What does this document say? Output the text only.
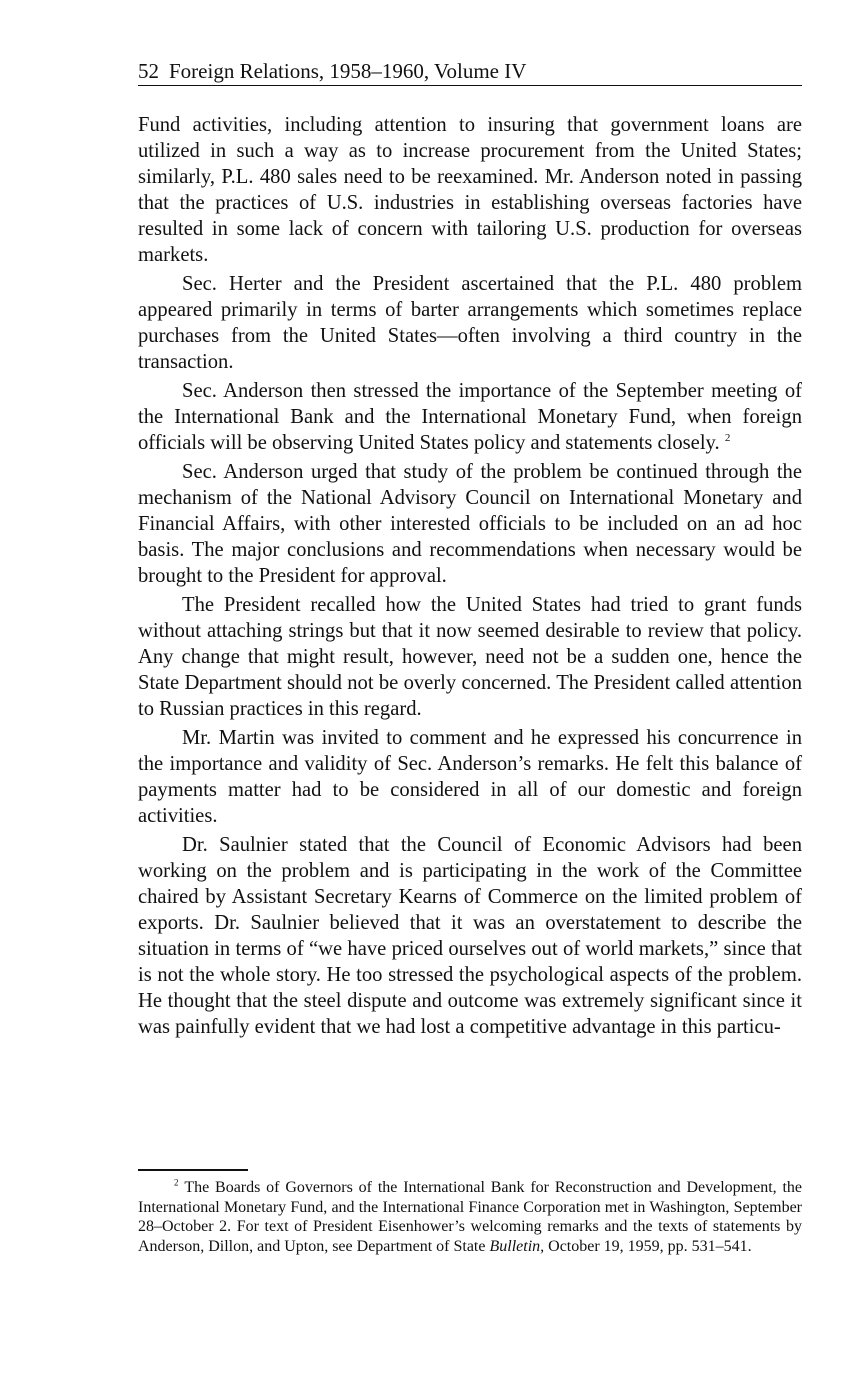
52 Foreign Relations, 1958–1960, Volume IV

Fund activities, including attention to insuring that government loans are utilized in such a way as to increase procurement from the United States; similarly, P.L. 480 sales need to be reexamined. Mr. Anderson noted in passing that the practices of U.S. industries in establishing overseas factories have resulted in some lack of concern with tailoring U.S. production for overseas markets.

Sec. Herter and the President ascertained that the P.L. 480 problem appeared primarily in terms of barter arrangements which sometimes replace purchases from the United States—often involving a third country in the transaction.

Sec. Anderson then stressed the importance of the September meeting of the International Bank and the International Monetary Fund, when foreign officials will be observing United States policy and statements closely. $^2$

Sec. Anderson urged that study of the problem be continued through the mechanism of the National Advisory Council on International Monetary and Financial Affairs, with other interested officials to be included on an ad hoc basis. The major conclusions and recommendations when necessary would be brought to the President for approval.

The President recalled how the United States had tried to grant funds without attaching strings but that it now seemed desirable to review that policy. Any change that might result, however, need not be a sudden one, hence the State Department should not be overly concerned. The President called attention to Russian practices in this regard.

Mr. Martin was invited to comment and he expressed his concurrence in the importance and validity of Sec. Anderson’s remarks. He felt this balance of payments matter had to be considered in all of our domestic and foreign activities.

Dr. Saulnier stated that the Council of Economic Advisors had been working on the problem and is participating in the work of the Committee chaired by Assistant Secretary Kearns of Commerce on the limited problem of exports. Dr. Saulnier believed that it was an overstatement to describe the situation in terms of “we have priced ourselves out of world markets,” since that is not the whole story. He too stressed the psychological aspects of the problem. He thought that the steel dispute and outcome was extremely significant since it was painfully evident that we had lost a competitive advantage in this particu-

$^2$ The Boards of Governors of the International Bank for Reconstruction and Development, the International Monetary Fund, and the International Finance Corporation met in Washington, September 28–October 2. For text of President Eisenhower’s welcoming remarks and the texts of statements by Anderson, Dillon, and Upton, see Department of State Bulletin, October 19, 1959, pp. 531–541.
